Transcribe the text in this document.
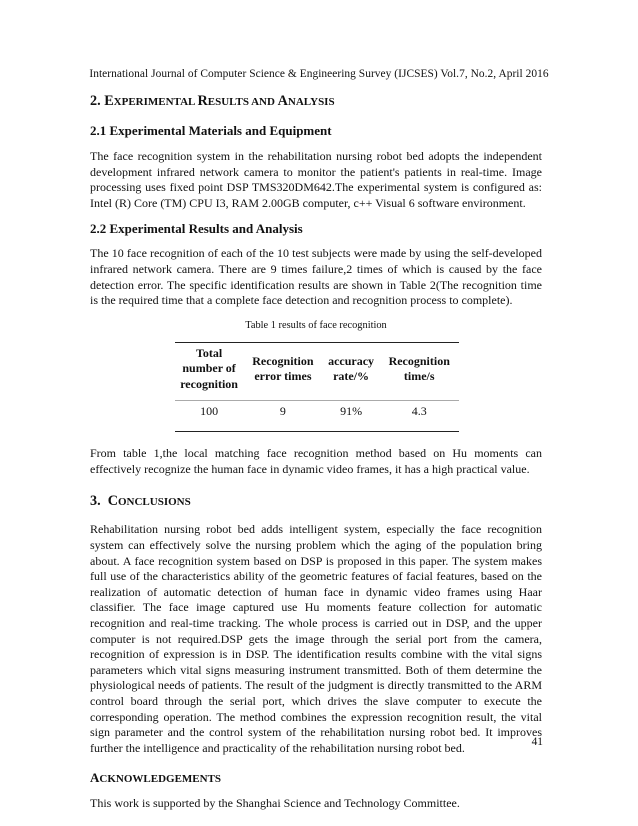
International Journal of Computer Science & Engineering Survey (IJCSES) Vol.7, No.2, April 2016
2. EXPERIMENTAL RESULTS AND ANALYSIS
2.1 Experimental Materials and Equipment

The face recognition system in the rehabilitation nursing robot bed adopts the independent development infrared network camera to monitor the patient's patients in real-time. Image processing uses fixed point DSP TMS320DM642.The experimental system is configured as: Intel (R) Core (TM) CPU I3, RAM 2.00GB computer, c++ Visual 6 software environment.

2.2 Experimental Results and Analysis

The 10 face recognition of each of the 10 test subjects were made by using the self-developed infrared network camera. There are 9 times failure,2 times of which is caused by the face detection error. The specific identification results are shown in Table 2(The recognition time is the required time that a complete face detection and recognition process to complete).

Table 1 results of face recognition

Total number of recognition	Recognition error times	accuracy rate/%	Recognition time/s
100	9	91%	4.3

From table 1,the local matching face recognition method based on Hu moments can effectively recognize the human face in dynamic video frames, it has a high practical value.

3. CONCLUSIONS

Rehabilitation nursing robot bed adds intelligent system, especially the face recognition system can effectively solve the nursing problem which the aging of the population bring about. A face recognition system based on DSP is proposed in this paper. The system makes full use of the characteristics ability of the geometric features of facial features, based on the realization of automatic detection of human face in dynamic video frames using Haar classifier. The face image captured use Hu moments feature collection for automatic recognition and real-time tracking. The whole process is carried out in DSP, and the upper computer is not required.DSP gets the image through the serial port from the camera, recognition of expression is in DSP. The identification results combine with the vital signs parameters which vital signs measuring instrument transmitted. Both of them determine the physiological needs of patients. The result of the judgment is directly transmitted to the ARM control board through the serial port, which drives the slave computer to execute the corresponding operation. The method combines the expression recognition result, the vital sign parameter and the control system of the rehabilitation nursing robot bed. It improves further the intelligence and practicality of the rehabilitation nursing robot bed.

ACKNOWLEDGEMENTS

This work is supported by the Shanghai Science and Technology Committee.

41
